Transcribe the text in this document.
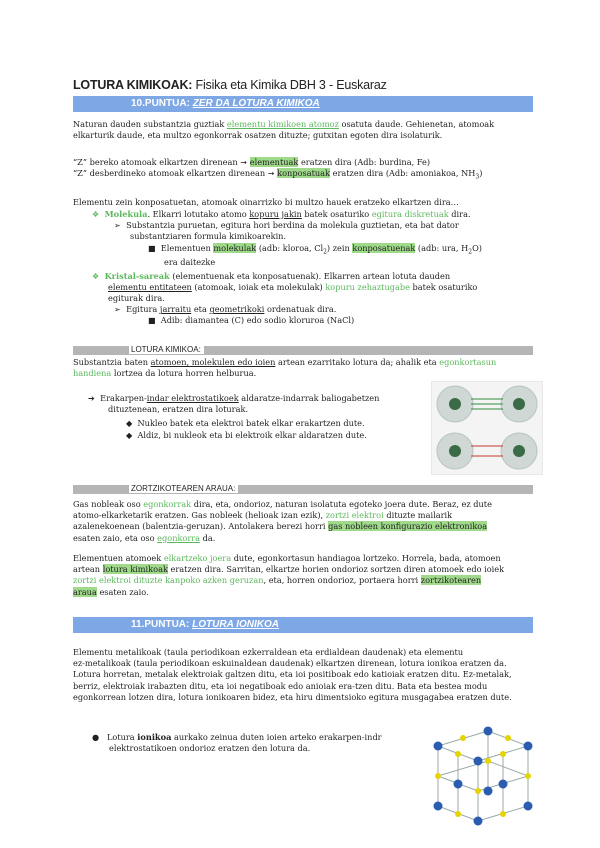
LOTURA KIMIKOAK: Fisika eta Kimika DBH 3 - Euskaraz
10.PUNTUA: ZER DA LOTURA KIMIKOA
Naturan dauden substantzia guztiak elementu kimikoen atomoz osatuta daude. Gehienetan, atomoak
elkarturik daude, eta multzo egonkorrak osatzen dituzte; gutxitan egoten dira isolaturik.
“Z” bereko atomoak elkartzen direnean ➞ elementuak eratzen dira (Adb: burdina, Fe)
“Z” desberdineko atomoak elkartzen direnean ➞ konposatuak eratzen dira (Adb: amoniakoa, $NH_3$)
Elementu zein konposatuetan, atomoak oinarrizko bi multzo hauek eratzeko elkartzen dira…
❖ Molekula. Elkarri lotutako atomo kopuru jakin batek osaturiko egitura diskretuak dira.
➢ Substantzia puruetan, egitura hori berdina da molekula guztietan, eta bat dator
substantziaren formula kimikoarekin.
■ Elementuen molekulak (adb: kloroa, $Cl_2$) zein konposatuenak (adb: ura, $H_2O$)
era daitezke
❖ Kristal-sareak (elementuenak eta konposatuenak). Elkarren artean lotuta dauden
elementu entitateen (atomoak, ioiak eta molekulak) kopuru zehaztugabe batek osaturiko
egiturak dira.
➢ Egitura jarraitu eta geometrikoki ordenatuak dira.
■ Adib: diamantea (C) edo sodio kloruroa (NaCl)
LOTURA KIMIKOA:
Substantzia baten atomoen, molekulen edo ioien artean ezarritako lotura da; ahalik eta egonkortasun
handiena lortzea da lotura horren helburua.
➔ Erakarpen-indar elektrostatikoek aldaratze-indarrak baliogabetzen
dituztenean, eratzen dira loturak.
◆ Nukleo batek eta elektroi batek elkar erakartzen dute.
◆ Aldiz, bi nukleok eta bi elektroik elkar aldaratzen dute.
ZORTZIKOTEAREN ARAUA:
Gas nobleak oso egonkorrak dira, eta, ondorioz, naturan isolatuta egoteko joera dute. Beraz, ez dute
atomo-elkarketarik eratzen. Gas nobleek (helioak izan ezik), zortzi elektroi dituzte mailarik
azalenekoenean (balentzia-geruzan). Antolakera berezi horri gas nobleen konfigurazio elektronikoa
esaten zaio, eta oso egonkorra da.
Elementuen atomoek elkartzeko joera dute, egonkortasun handiagoa lortzeko. Horrela, bada, atomoen
artean lotura kimikoak eratzen dira. Sarritan, elkartze horien ondorioz sortzen diren atomoek edo ioiek
zortzi elektroi dituzte kanpoko azken geruzan, eta, horren ondorioz, portaera horri zortzikotearen
araua esaten zaio.
11.PUNTUA: LOTURA IONIKOA
Elementu metalikoak (taula periodikoan ezkerraldean eta erdialdean daudenak) eta elementu
ez-metalikoak (taula periodikoan eskuinaldean daudenak) elkartzen direnean, lotura ionikoa eratzen da.
Lotura horretan, metalak elektroiak galtzen ditu, eta ioi positiboak edo katioiak eratzen ditu. Ez-metalak,
berriz, elektroiak irabazten ditu, eta ioi negatiboak edo anioiak era-tzen ditu. Bata eta bestea modu
egonkorrean lotzen dira, lotura ionikoaren bidez, eta hiru dimentsioko egitura musgagabea eratzen dute.
● Lotura ionikoa aurkako zeinua duten ioien arteko erakarpen-indr
elektrostatikoen ondorioz eratzen den lotura da.
